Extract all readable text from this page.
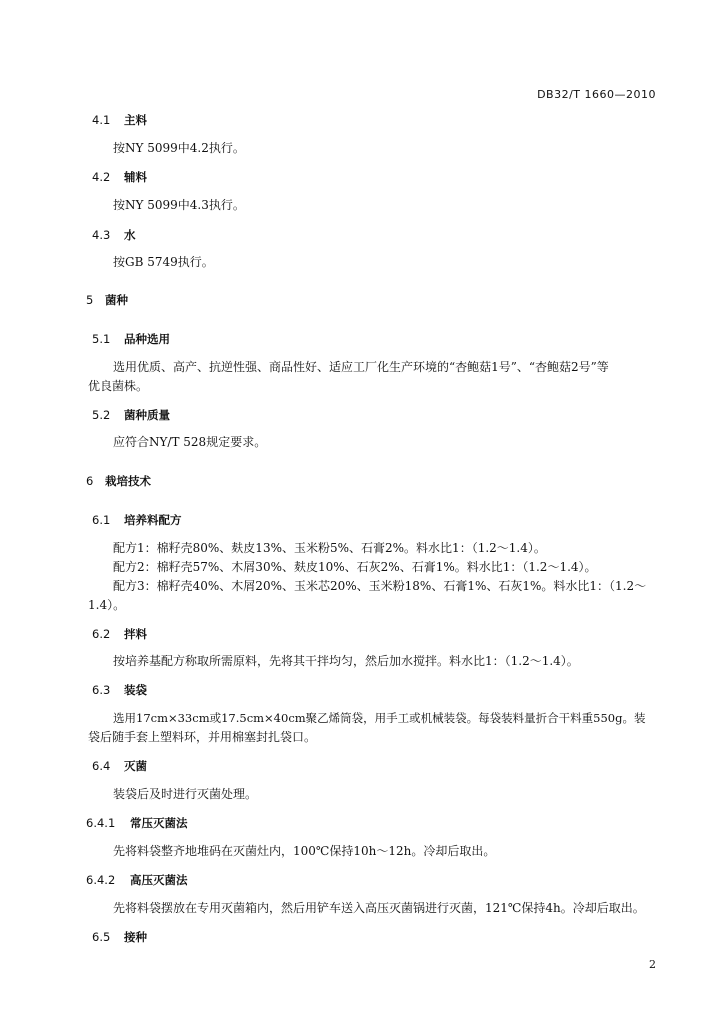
DB32/T 1660—2010
4.1 主料
按NY 5099中4.2执行。
4.2 辅料
按NY 5099中4.3执行。
4.3 水
按GB 5749执行。
5 菌种
5.1 品种选用
选用优质、高产、抗逆性强、商品性好、适应工厂化生产环境的“杏鲍菇1号”、“杏鲍菇2号”等
优良菌株。
5.2 菌种质量
应符合NY/T 528规定要求。
6 栽培技术
6.1 培养料配方
配方1：棉籽壳80%、麸皮13%、玉米粉5%、石膏2%。料水比1：（1.2～1.4）。
配方2：棉籽壳57%、木屑30%、麸皮10%、石灰2%、石膏1%。料水比1：（1.2～1.4）。
配方3：棉籽壳40%、木屑20%、玉米芯20%、玉米粉18%、石膏1%、石灰1%。料水比1：（1.2～
1.4）。
6.2 拌料
按培养基配方称取所需原料，先将其干拌均匀，然后加水搅拌。料水比1：（1.2～1.4）。
6.3 装袋
选用17cm×33cm或17.5cm×40cm聚乙烯筒袋，用手工或机械装袋。每袋装料量折合干料重550g。装
袋后随手套上塑料环，并用棉塞封扎袋口。
6.4 灭菌
装袋后及时进行灭菌处理。
6.4.1 常压灭菌法
先将料袋整齐地堆码在灭菌灶内，100℃保持10h～12h。冷却后取出。
6.4.2 高压灭菌法
先将料袋摆放在专用灭菌箱内，然后用铲车送入高压灭菌锅进行灭菌，121℃保持4h。冷却后取出。
6.5 接种
2
